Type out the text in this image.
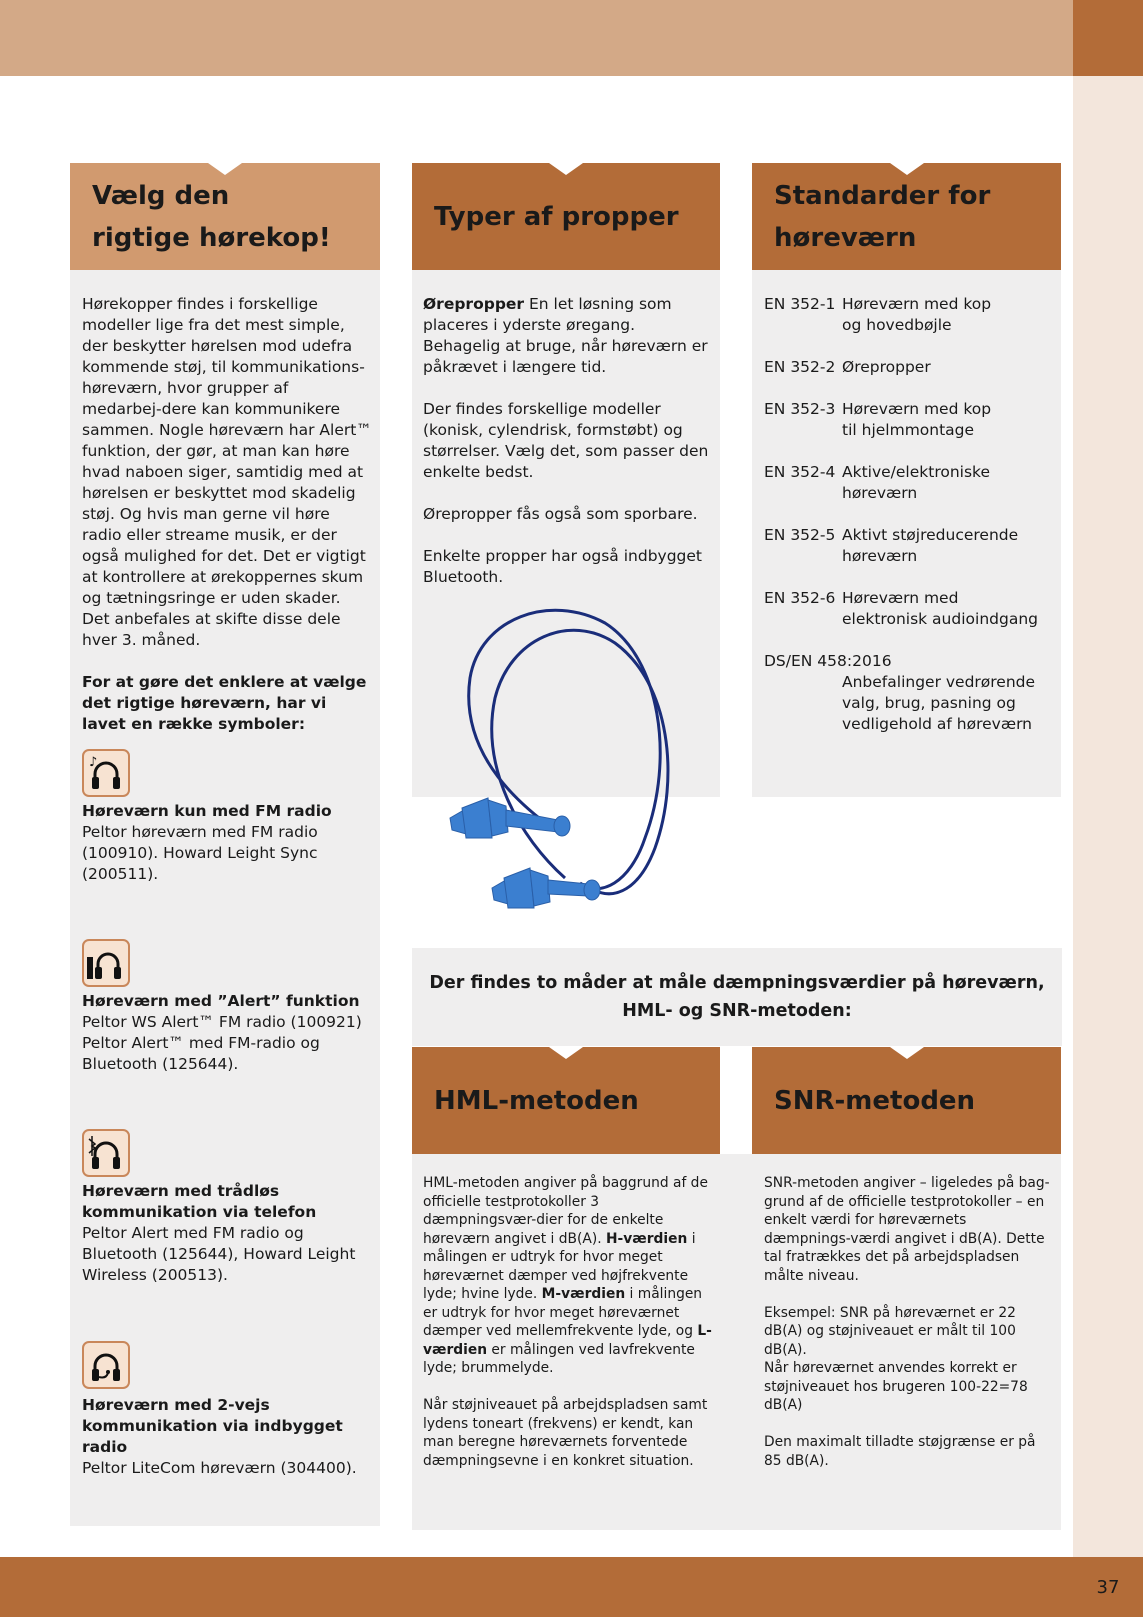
37
Vælg den
rigtige hørekop!

Hørekopper findes i forskellige modeller lige fra det mest simple, der beskytter hørelsen mod udefra kommende støj, til kommunikations-høreværn, hvor grupper af medarbej-dere kan kommunikere sammen. Nogle høreværn har Alert™ funktion, der gør, at man kan høre hvad naboen siger, samtidig med at hørelsen er beskyttet mod skadelig støj. Og hvis man gerne vil høre radio eller streame musik, er der også mulighed for det. Det er vigtigt at kontrollere at ørekoppernes skum og tætningsringe er uden skader. Det anbefales at skifte disse dele hver 3. måned.

For at gøre det enklere at vælge det rigtige høreværn, har vi lavet en række symboler:

♪
Høreværn kun med FM radio
Peltor høreværn med FM radio (100910). Howard Leight Sync (200511).
Høreværn med ”Alert” funktion
Peltor WS Alert™ FM radio (100921) Peltor Alert™ med FM-radio og Bluetooth (125644).
Høreværn med trådløs kommunikation via telefon
Peltor Alert med FM radio og Bluetooth (125644), Howard Leight Wireless (200513).
Høreværn med 2-vejs kommunikation via indbygget radio
Peltor LiteCom høreværn (304400).
Typer af propper

Ørepropper En let løsning som placeres i yderste øregang. Behagelig at bruge, når høreværn er påkrævet i længere tid.

Der findes forskellige modeller (konisk, cylendrisk, formstøbt) og størrelser. Vælg det, som passer den enkelte bedst.

Ørepropper fås også som sporbare.

Enkelte propper har også indbygget Bluetooth.

Standarder for
høreværn
EN 352-1 Høreværn med kop og hovedbøjle
EN 352-2 Ørepropper
EN 352-3 Høreværn med kop til hjelmmontage
EN 352-4 Aktive/elektroniske høreværn
EN 352-5 Aktivt støjreducerende høreværn
EN 352-6 Høreværn med elektronisk audioindgang
DS/EN 458:2016
Anbefalinger vedrørende valg, brug, pasning og vedligehold af høreværn
Der findes to måder at måle dæmpningsværdier på høreværn,
HML- og SNR-metoden:
HML-metoden

HML-metoden angiver på baggrund af de officielle testprotokoller 3 dæmpningsvær-dier for de enkelte høreværn angivet i dB(A). H-værdien i målingen er udtryk for hvor meget høreværnet dæmper ved højfrekvente lyde; hvine lyde. M-værdien i målingen er udtryk for hvor meget høreværnet dæmper ved mellemfrekvente lyde, og L-værdien er målingen ved lavfrekvente lyde; brummelyde.

Når støjniveauet på arbejdspladsen samt lydens toneart (frekvens) er kendt, kan man beregne høreværnets forventede dæmpningsevne i en konkret situation.

SNR-metoden

SNR-metoden angiver – ligeledes på bag-grund af de officielle testprotokoller – en enkelt værdi for høreværnets dæmpnings-værdi angivet i dB(A). Dette tal fratrækkes det på arbejdspladsen målte niveau.

Eksempel: SNR på høreværnet er 22 dB(A) og støjniveauet er målt til 100 dB(A).
Når høreværnet anvendes korrekt er støjniveauet hos brugeren 100-22=78 dB(A)

Den maximalt tilladte støjgrænse er på 85 dB(A).
